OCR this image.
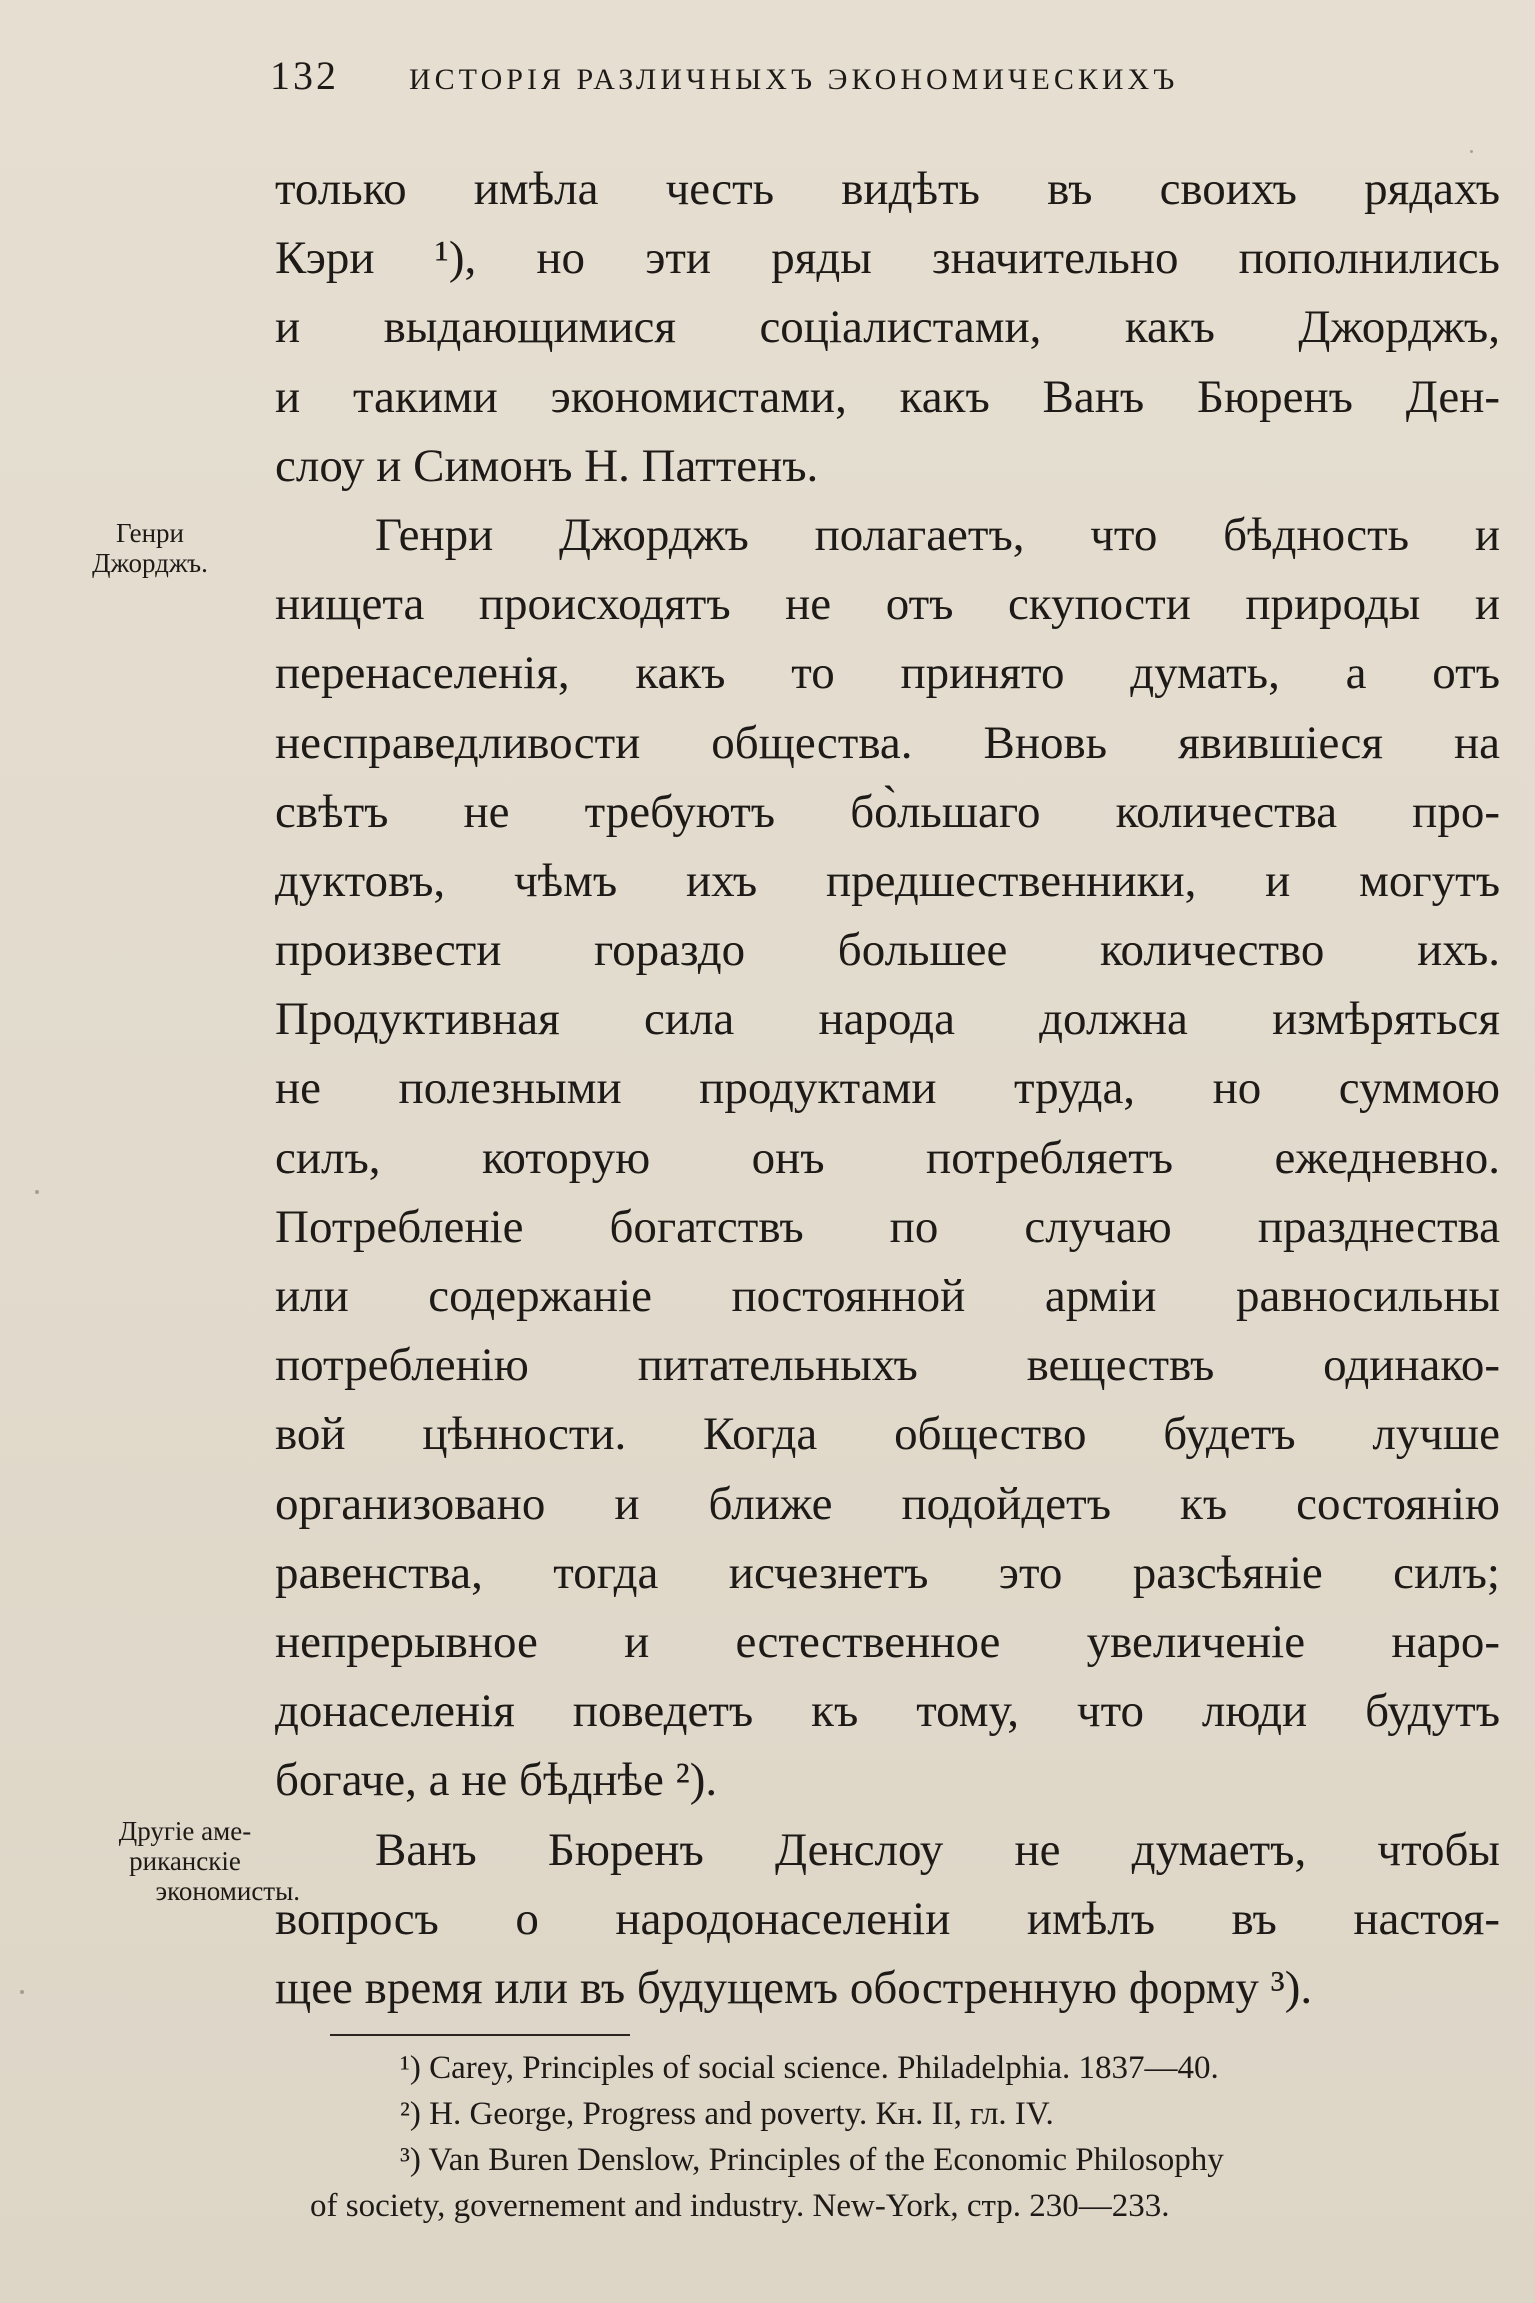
132 ИСТОРІЯ РАЗЛИЧНЫХЪ ЭКОНОМИЧЕСКИХЪ
Генри
Джорджъ.
Другіе аме-
риканскіе
экономисты.
только имѣла честь видѣть въ своихъ рядахъ
Кэри ¹), но эти ряды значительно пополнились
и выдающимися соціалистами, какъ Джорджъ,
и такими экономистами, какъ Ванъ Бюренъ Ден-
слоу и Симонъ Н. Паттенъ.
Генри Джорджъ полагаетъ, что бѣдность и
нищета происходятъ не отъ скупости природы и
перенаселенія, какъ то принято думать, а отъ
несправедливости общества. Вновь явившіеся на
свѣтъ не требуютъ бо̀льшаго количества про-
дуктовъ, чѣмъ ихъ предшественники, и могутъ
произвести гораздо большее количество ихъ.
Продуктивная сила народа должна измѣряться
не полезными продуктами труда, но суммою
силъ, которую онъ потребляетъ ежедневно.
Потребленіе богатствъ по случаю празднества
или содержаніе постоянной арміи равносильны
потребленію питательныхъ веществъ одинако-
вой цѣнности. Когда общество будетъ лучше
организовано и ближе подойдетъ къ состоянію
равенства, тогда исчезнетъ это разсѣяніе силъ;
непрерывное и естественное увеличеніе наро-
донаселенія поведетъ къ тому, что люди будутъ
богаче, а не бѣднѣе ²).
Ванъ Бюренъ Денслоу не думаетъ, чтобы
вопросъ о народонаселеніи имѣлъ въ настоя-
щее время или въ будущемъ обостренную форму ³).
¹) Carey, Principles of social science. Philadelphia. 1837—40.
²) H. George, Progress and poverty. Кн. II, гл. IV.
³) Van Buren Denslow, Principles of the Economic Philosophy
of society, governement and industry. New-York, стр. 230—233.
